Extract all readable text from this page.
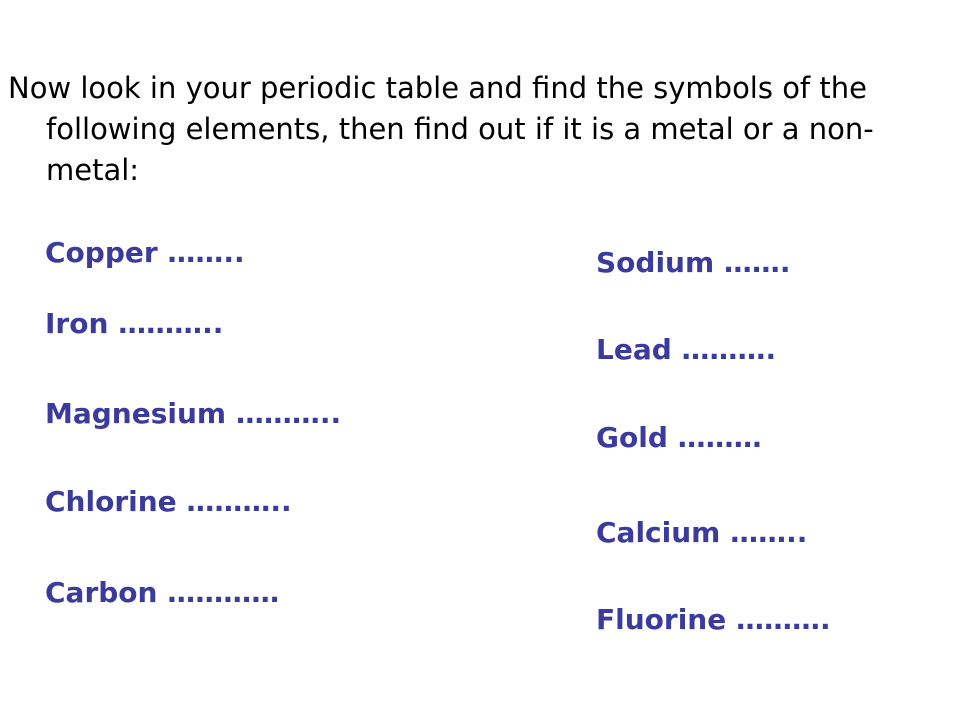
Now look in your periodic table and find the symbols of the following elements, then find out if it is a metal or a non-metal:

Copper ……..

Iron ………..

Magnesium ………..

Chlorine ………..

Carbon …………

Sodium …….

Lead ……….

Gold ………

Calcium ……..

Fluorine ……….
